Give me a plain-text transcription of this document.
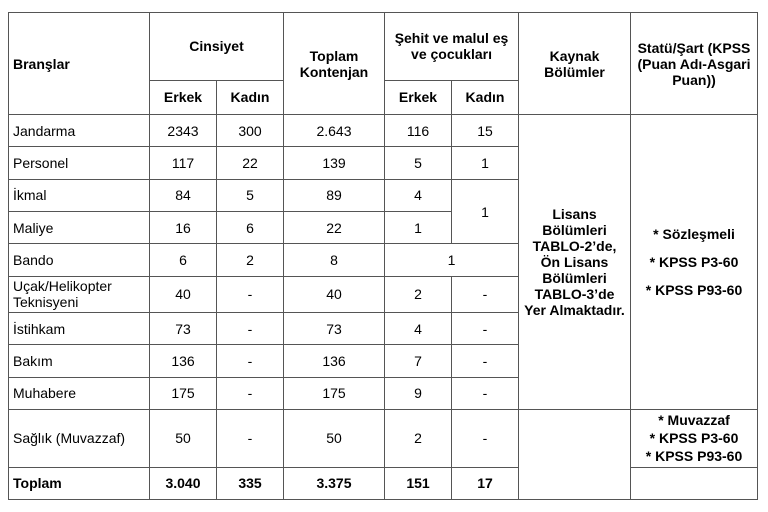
Branşlar	Cinsiyet		Toplam Kontenjan	Şehit ve malul eş ve çocukları		Kaynak Bölümler	Statü/Şart (KPSS (Puan Adı-Asgari Puan))
	Erkek	Kadın		Erkek	Kadın		
Jandarma	2343	300	2.643	116	15	Lisans Bölümleri TABLO-2’de, Ön Lisans Bölümleri TABLO-3’de Yer Almaktadır.	* Sözleşmeli
* KPSS P3-60
* KPSS P93-60

Personel	117	22	139	5	1		
İkmal	84	5	89	4	1		
Maliye	16	6	22	1			
Bando	6	2	8	1			
Uçak/Helikopter Teknisyeni	40	-	40	2	-		
İstihkam	73	-	73	4	-		
Bakım	136	-	136	7	-		
Muhabere	175	-	175	9	-		
Sağlık (Muvazzaf)	50	-	50	2	-		* Muvazzaf
* KPSS P3-60
* KPSS P93-60

Toplam	3.040	335	3.375	151	17		
